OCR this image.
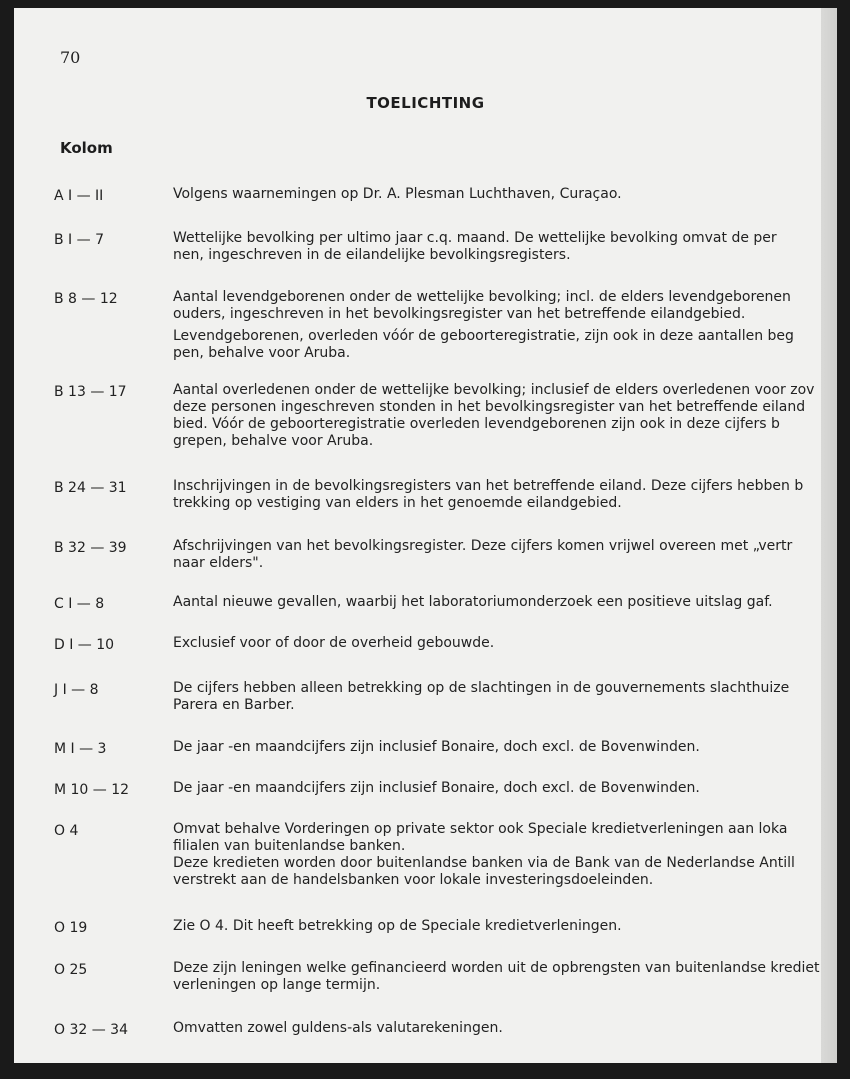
70
TOELICHTING
Kolom
A I — II	Volgens waarnemingen op Dr. A. Plesman Luchthaven, Curaçao.
B I — 7	Wettelijke bevolking per ultimo jaar c.q. maand. De wettelijke bevolking omvat de per
nen, ingeschreven in de eilandelijke bevolkingsregisters.
B 8 — 12	Aantal levendgeborenen onder de wettelijke bevolking; incl. de elders levendgeborenen
ouders, ingeschreven in het bevolkingsregister van het betreffende eilandgebied.
Levendgeborenen, overleden vóór de geboorteregistratie, zijn ook in deze aantallen beg
pen, behalve voor Aruba.
B 13 — 17	Aantal overledenen onder de wettelijke bevolking; inclusief de elders overledenen voor zov
deze personen ingeschreven stonden in het bevolkingsregister van het betreffende eiland
bied. Vóór de geboorteregistratie overleden levendgeborenen zijn ook in deze cijfers b
grepen, behalve voor Aruba.
B 24 — 31	Inschrijvingen in de bevolkingsregisters van het betreffende eiland. Deze cijfers hebben b
trekking op vestiging van elders in het genoemde eilandgebied.
B 32 — 39	Afschrijvingen van het bevolkingsregister. Deze cijfers komen vrijwel overeen met „vertr
naar elders".
C I — 8	Aantal nieuwe gevallen, waarbij het laboratoriumonderzoek een positieve uitslag gaf.
D I — 10	Exclusief voor of door de overheid gebouwde.
J I — 8	De cijfers hebben alleen betrekking op de slachtingen in de gouvernements slachthuize
Parera en Barber.
M I — 3	De jaar -en maandcijfers zijn inclusief Bonaire, doch excl. de Bovenwinden.
M 10 — 12	De jaar -en maandcijfers zijn inclusief Bonaire, doch excl. de Bovenwinden.
O 4	Omvat behalve Vorderingen op private sektor ook Speciale kredietverleningen aan loka
filialen van buitenlandse banken.
Deze kredieten worden door buitenlandse banken via de Bank van de Nederlandse Antill
verstrekt aan de handelsbanken voor lokale investeringsdoeleinden.
O 19	Zie O 4. Dit heeft betrekking op de Speciale kredietverleningen.
O 25	Deze zijn leningen welke gefinancieerd worden uit de opbrengsten van buitenlandse krediet
verleningen op lange termijn.
O 32 — 34	Omvatten zowel guldens-als valutarekeningen.
